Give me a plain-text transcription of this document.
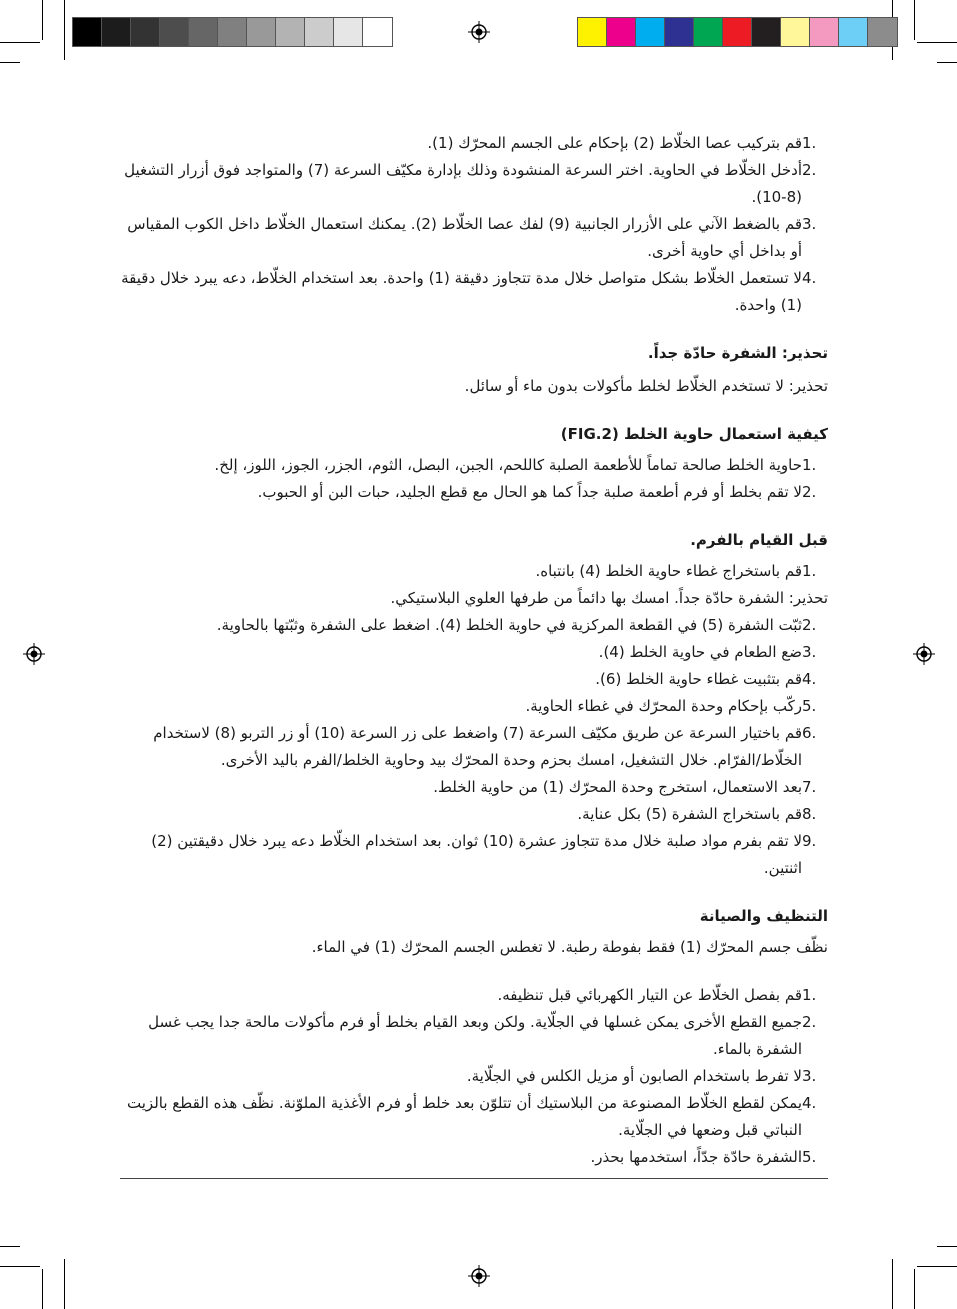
1.
قم بتركيب عصا الخلّاط (2) بإحكام على الجسم المحرّك (1).
2.
أدخل الخلّاط في الحاوية. اختر السرعة المنشودة وذلك بإدارة مكيّف السرعة (7) والمتواجد فوق أزرار التشغيل (8-10).
3.
قم بالضغط الآني على الأزرار الجانبية (9) لفك عصا الخلّاط (2). يمكنك استعمال الخلّاط داخل الكوب المقياس أو بداخل أي حاوية أخرى.
4.
لا تستعمل الخلّاط بشكل متواصل خلال مدة تتجاوز دقيقة (1) واحدة. بعد استخدام الخلّاط، دعه يبرد خلال دقيقة (1) واحدة.
تحذير: الشفرة حادّة جداً.
تحذير: لا تستخدم الخلّاط لخلط مأكولات بدون ماء أو سائل.
كيفية استعمال حاوية الخلط (FIG.2)
1.
حاوية الخلط صالحة تماماً للأطعمة الصلبة كاللحم، الجبن، البصل، الثوم، الجزر، الجوز، اللوز، إلخ.
2.
لا تقم بخلط أو فرم أطعمة صلبة جداً كما هو الحال مع قطع الجليد، حبات البن أو الحبوب.
قبل القيام بالفرم.
1.
قم باستخراج غطاء حاوية الخلط (4) بانتباه.
تحذير: الشفرة حادّة جداً. امسك بها دائماً من طرفها العلوي البلاستيكي.
2.
ثبّت الشفرة (5) في القطعة المركزية في حاوية الخلط (4). اضغط على الشفرة وثبّتها بالحاوية.
3.
ضع الطعام في حاوية الخلط (4).
4.
قم بتثبيت غطاء حاوية الخلط (6).
5.
ركّب بإحكام وحدة المحرّك في غطاء الحاوية.
6.
قم باختيار السرعة عن طريق مكيّف السرعة (7) واضغط على زر السرعة (10) أو زر التربو (8) لاستخدام الخلّاط/الفرّام. خلال التشغيل، امسك بحزم وحدة المحرّك بيد وحاوية الخلط/الفرم باليد الأخرى.
7.
بعد الاستعمال، استخرج وحدة المحرّك (1) من حاوية الخلط.
8.
قم باستخراج الشفرة (5) بكل عناية.
9.
لا تقم بفرم مواد صلبة خلال مدة تتجاوز عشرة (10) ثوان. بعد استخدام الخلّاط دعه يبرد خلال دقيقتين (2) اثنتين.
التنظيف والصيانة
نظّف جسم المحرّك (1) فقط بفوطة رطبة. لا تغطس الجسم المحرّك (1) في الماء.
1.
قم بفصل الخلّاط عن التيار الكهربائي قبل تنظيفه.
2.
جميع القطع الأخرى يمكن غسلها في الجلّاية. ولكن وبعد القيام بخلط أو فرم مأكولات مالحة جدا يجب غسل الشفرة بالماء.
3.
لا تفرط باستخدام الصابون أو مزيل الكلس في الجلّاية.
4.
يمكن لقطع الخلّاط المصنوعة من البلاستيك أن تتلوّن بعد خلط أو فرم الأغذية الملوّنة. نظّف هذه القطع بالزيت النباتي قبل وضعها في الجلّاية.
5.
الشفرة حادّة جدّاً، استخدمها بحذر.
